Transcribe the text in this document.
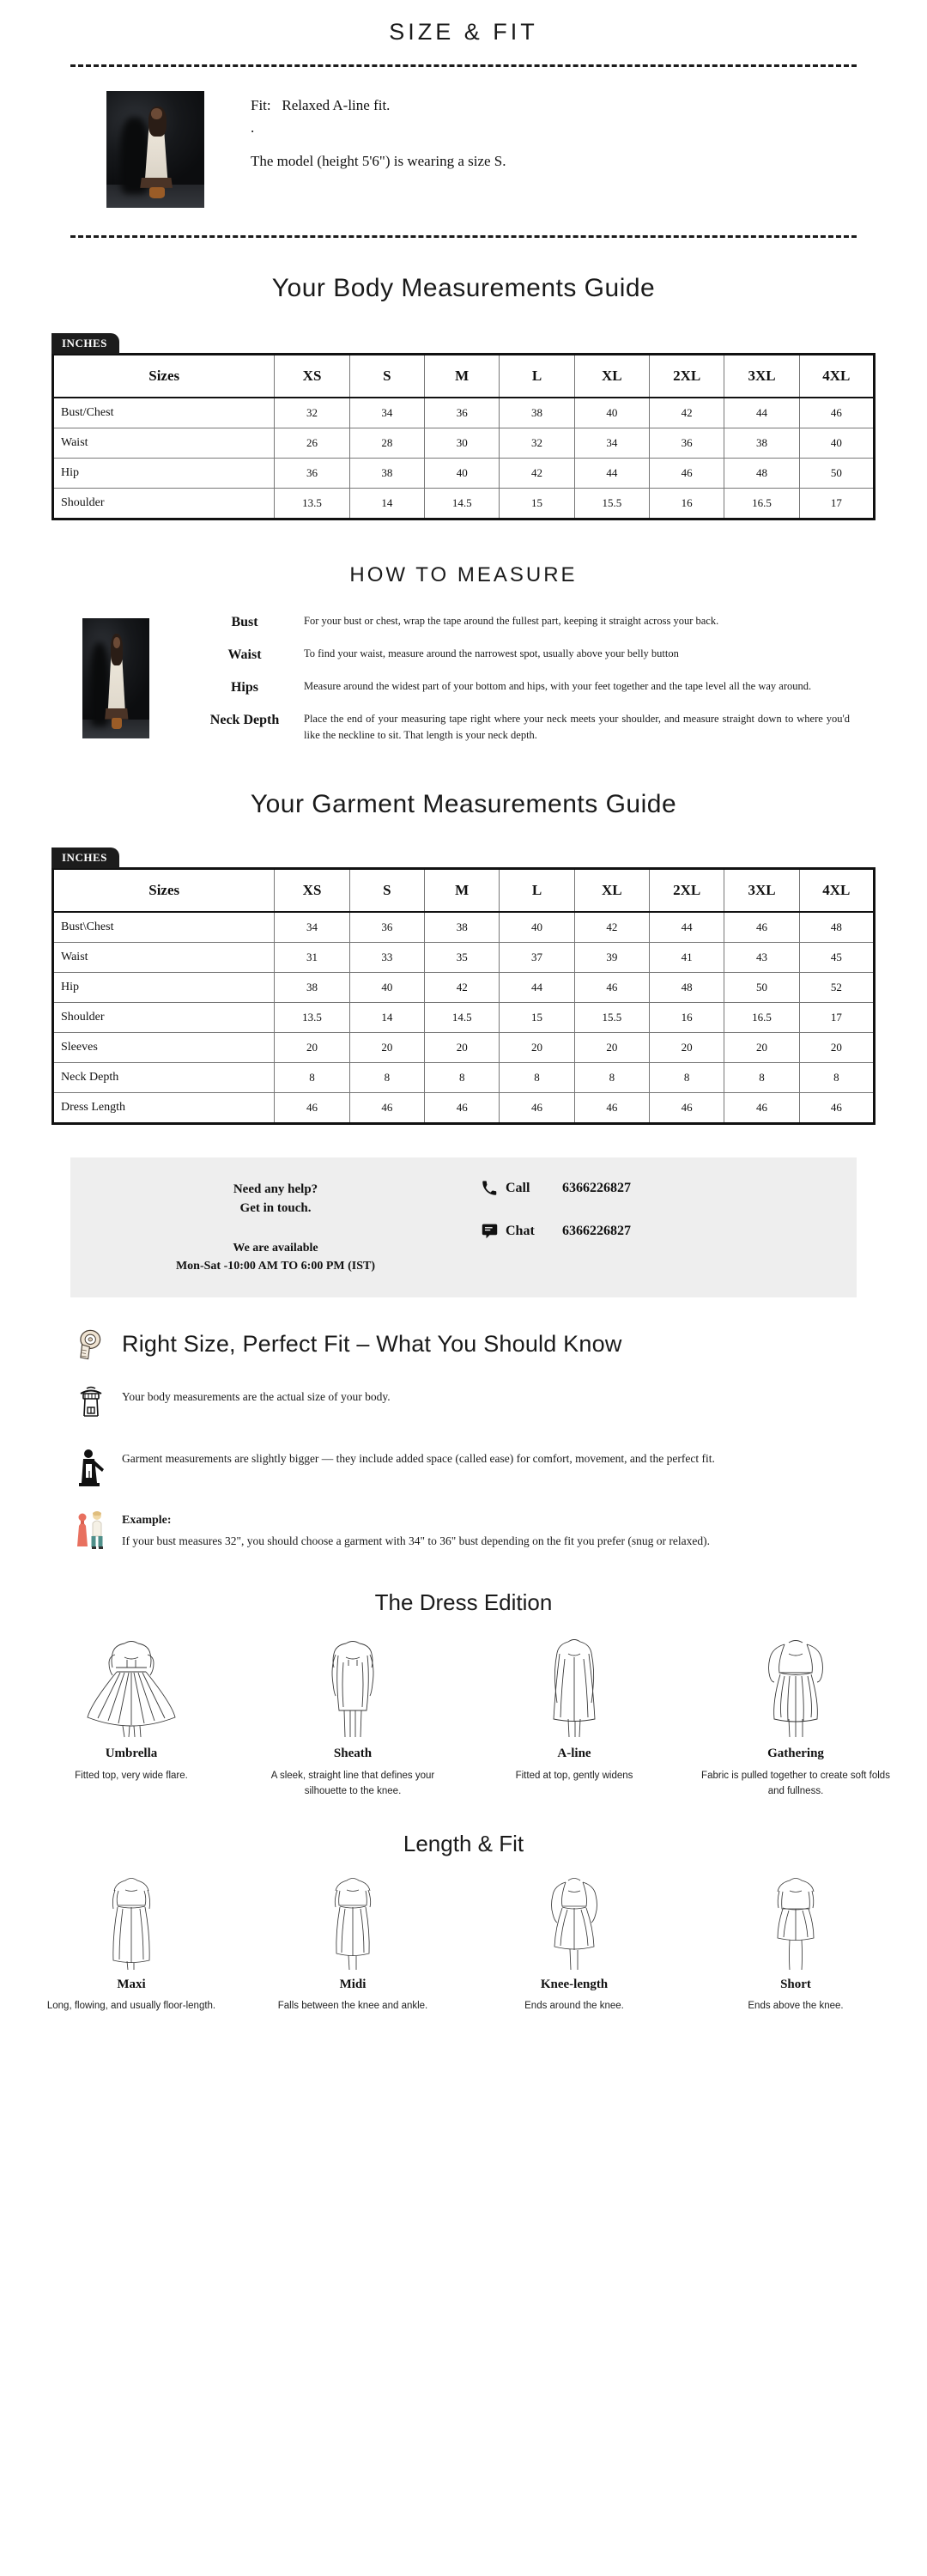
SIZE & FIT
Fit: Relaxed A-line fit.
.
The model (height 5'6") is wearing a size S.
Your Body Measurements Guide
INCHES
Sizes	XS	S	M	L	XL	2XL	3XL	4XL
Bust/Chest	32	34	36	38	40	42	44	46
Waist	26	28	30	32	34	36	38	40
Hip	36	38	40	42	44	46	48	50
Shoulder	13.5	14	14.5	15	15.5	16	16.5	17
HOW TO MEASURE
Bust	For your bust or chest, wrap the tape around the fullest part, keeping it straight across your back.
Waist	To find your waist, measure around the narrowest spot, usually above your belly button
Hips	Measure around the widest part of your bottom and hips, with your feet together and the tape level all the way around.
Neck Depth	Place the end of your measuring tape right where your neck meets your shoulder, and measure straight down to where you'd like the neckline to sit. That length is your neck depth.
Your Garment Measurements Guide
INCHES
Sizes	XS	S	M	L	XL	2XL	3XL	4XL
Bust\Chest	34	36	38	40	42	44	46	48
Waist	31	33	35	37	39	41	43	45
Hip	38	40	42	44	46	48	50	52
Shoulder	13.5	14	14.5	15	15.5	16	16.5	17
Sleeves	20	20	20	20	20	20	20	20
Neck Depth	8	8	8	8	8	8	8	8
Dress Length	46	46	46	46	46	46	46	46
Need any help?
Get in touch.
We are available
Mon-Sat -10:00 AM TO 6:00 PM (IST)
Call	6366226827
Chat	6366226827
Right Size, Perfect Fit – What You Should Know
Your body measurements are the actual size of your body.
Garment measurements are slightly bigger — they include added space (called ease) for comfort, movement, and the perfect fit.
Example:
If your bust measures 32", you should choose a garment with 34" to 36" bust depending on the fit you prefer (snug or relaxed).
The Dress Edition
Umbrella
Fitted top, very wide flare.
Sheath
A sleek, straight line that defines your silhouette to the knee.
A-line
Fitted at top, gently widens
Gathering
Fabric is pulled together to create soft folds and fullness.
Length & Fit
Maxi
Long, flowing, and usually floor-length.
Midi
Falls between the knee and ankle.
Knee-length
Ends around the knee.
Short
Ends above the knee.
